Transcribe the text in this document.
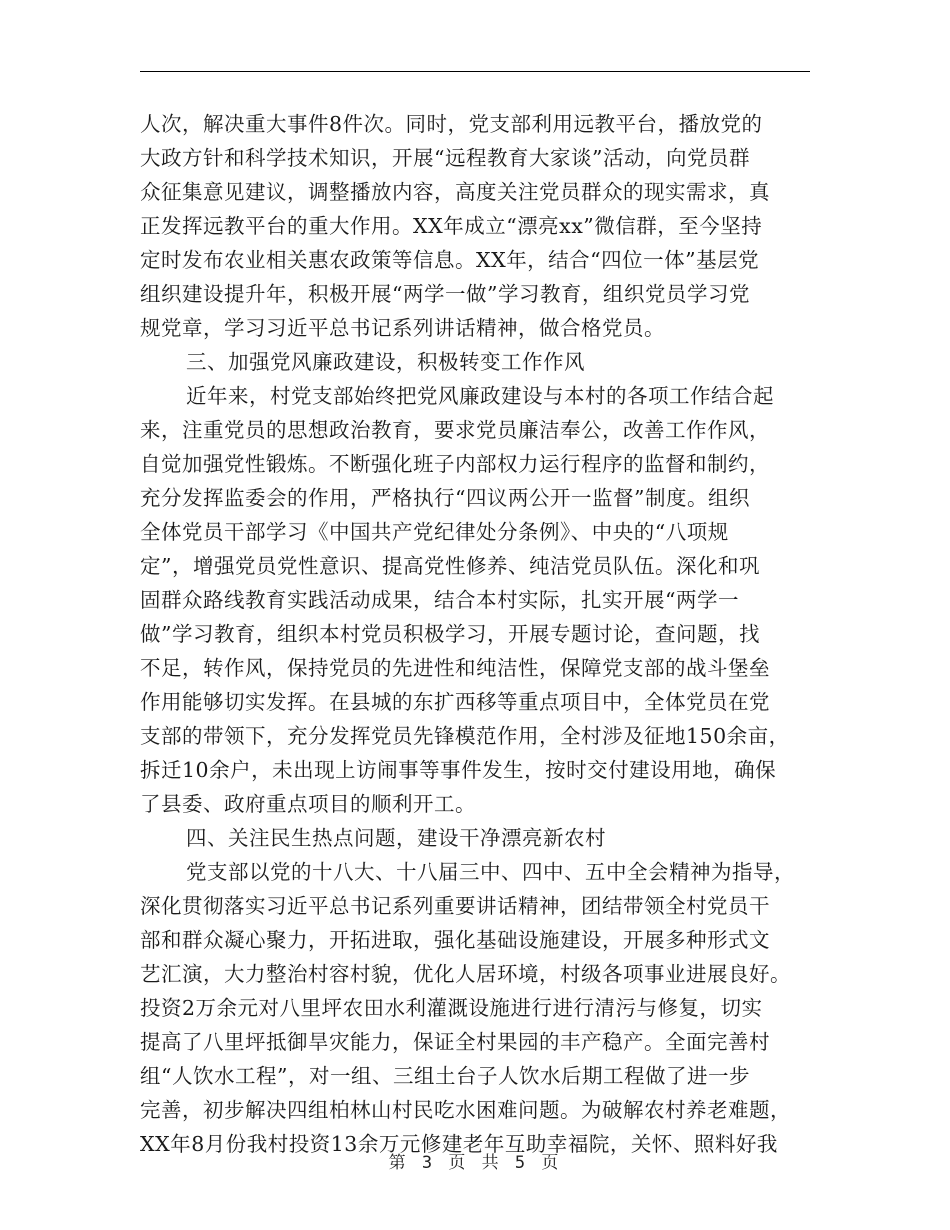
人次，解决重大事件8件次。同时，党支部利用远教平台，播放党的
大政方针和科学技术知识，开展“远程教育大家谈”活动，向党员群
众征集意见建议，调整播放内容，高度关注党员群众的现实需求，真
正发挥远教平台的重大作用。XX年成立“漂亮xx”微信群，至今坚持
定时发布农业相关惠农政策等信息。XX年，结合“四位一体”基层党
组织建设提升年，积极开展“两学一做”学习教育，组织党员学习党
规党章，学习习近平总书记系列讲话精神，做合格党员。
三、加强党风廉政建设，积极转变工作作风
近年来，村党支部始终把党风廉政建设与本村的各项工作结合起
来，注重党员的思想政治教育，要求党员廉洁奉公，改善工作作风，
自觉加强党性锻炼。不断强化班子内部权力运行程序的监督和制约，
充分发挥监委会的作用，严格执行“四议两公开一监督”制度。组织
全体党员干部学习《中国共产党纪律处分条例》、中央的“八项规
定”，增强党员党性意识、提高党性修养、纯洁党员队伍。深化和巩
固群众路线教育实践活动成果，结合本村实际，扎实开展“两学一
做”学习教育，组织本村党员积极学习，开展专题讨论，查问题，找
不足，转作风，保持党员的先进性和纯洁性，保障党支部的战斗堡垒
作用能够切实发挥。在县城的东扩西移等重点项目中，全体党员在党
支部的带领下，充分发挥党员先锋模范作用，全村涉及征地150余亩，
拆迁10余户，未出现上访闹事等事件发生，按时交付建设用地，确保
了县委、政府重点项目的顺利开工。
四、关注民生热点问题，建设干净漂亮新农村
党支部以党的十八大、十八届三中、四中、五中全会精神为指导，
深化贯彻落实习近平总书记系列重要讲话精神，团结带领全村党员干
部和群众凝心聚力，开拓进取，强化基础设施建设，开展多种形式文
艺汇演，大力整治村容村貌，优化人居环境，村级各项事业进展良好。
投资2万余元对八里坪农田水利灌溉设施进行进行清污与修复，切实
提高了八里坪抵御旱灾能力，保证全村果园的丰产稳产。全面完善村
组“人饮水工程”，对一组、三组土台子人饮水后期工程做了进一步
完善，初步解决四组柏林山村民吃水困难问题。为破解农村养老难题，
XX年8月份我村投资13余万元修建老年互助幸福院，关怀、照料好我
第 3 页 共 5 页
